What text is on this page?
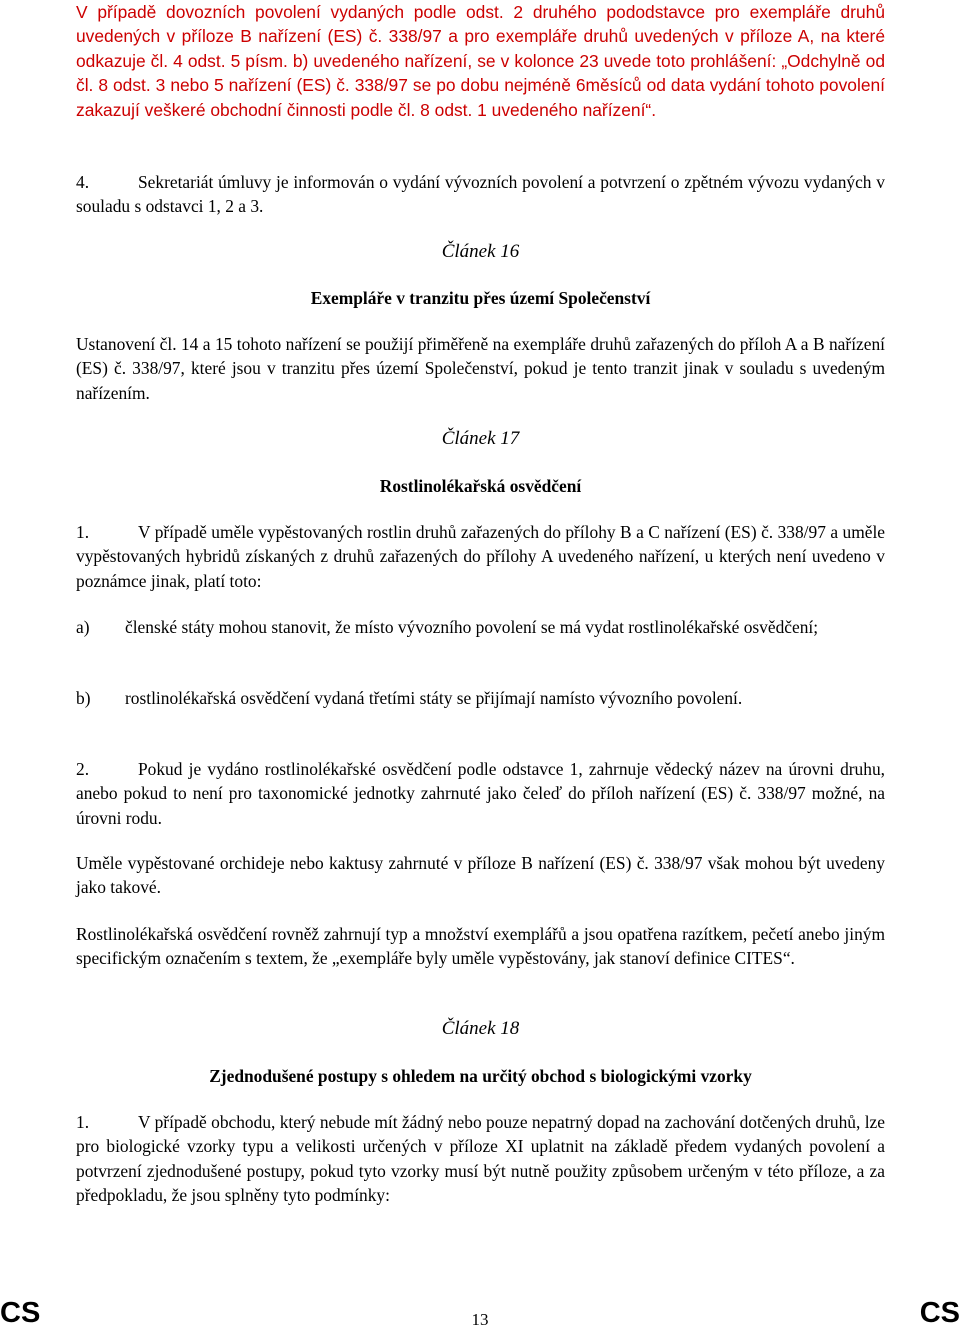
V případě dovozních povolení vydaných podle odst. 2 druhého pododstavce pro exempláře druhů uvedených v příloze B nařízení (ES) č. 338/97 a pro exempláře druhů uvedených v příloze A, na které odkazuje čl. 4 odst. 5 písm. b) uvedeného nařízení, se v kolonce 23 uvede toto prohlášení: „Odchylně od čl. 8 odst. 3 nebo 5 nařízení (ES) č. 338/97 se po dobu nejméně 6měsíců od data vydání tohoto povolení zakazují veškeré obchodní činnosti podle čl. 8 odst. 1 uvedeného nařízení“.

4.	Sekretariát úmluvy je informován o vydání vývozních povolení a potvrzení o zpětném vývozu vydaných v souladu s odstavci 1, 2 a 3.

Článek 16

Exempláře v tranzitu přes území Společenství

Ustanovení čl. 14 a 15 tohoto nařízení se použijí přiměřeně na exempláře druhů zařazených do příloh A a B nařízení (ES) č. 338/97, které jsou v tranzitu přes území Společenství, pokud je tento tranzit jinak v souladu s uvedeným nařízením.

Článek 17

Rostlinolékařská osvědčení

1.	V případě uměle vypěstovaných rostlin druhů zařazených do přílohy B a C nařízení (ES) č. 338/97 a uměle vypěstovaných hybridů získaných z druhů zařazených do přílohy A uvedeného nařízení, u kterých není uvedeno v poznámce jinak, platí toto:

a) členské státy mohou stanovit, že místo vývozního povolení se má vydat rostlinolékařské osvědčení;
b) rostlinolékařská osvědčení vydaná třetími státy se přijímají namísto vývozního povolení.

2.	Pokud je vydáno rostlinolékařské osvědčení podle odstavce 1, zahrnuje vědecký název na úrovni druhu, anebo pokud to není pro taxonomické jednotky zahrnuté jako čeleď do příloh nařízení (ES) č. 338/97 možné, na úrovni rodu.

Uměle vypěstované orchideje nebo kaktusy zahrnuté v příloze B nařízení (ES) č. 338/97 však mohou být uvedeny jako takové.

Rostlinolékařská osvědčení rovněž zahrnují typ a množství exemplářů a jsou opatřena razítkem, pečetí anebo jiným specifickým označením s textem, že „exempláře byly uměle vypěstovány, jak stanoví definice CITES“.

Článek 18

Zjednodušené postupy s ohledem na určitý obchod s biologickými vzorky

1.	V případě obchodu, který nebude mít žádný nebo pouze nepatrný dopad na zachování dotčených druhů, lze pro biologické vzorky typu a velikosti určených v příloze XI uplatnit na základě předem vydaných povolení a potvrzení zjednodušené postupy, pokud tyto vzorky musí být nutně použity způsobem určeným v této příloze, a za předpokladu, že jsou splněny tyto podmínky:

CS	13	CS
